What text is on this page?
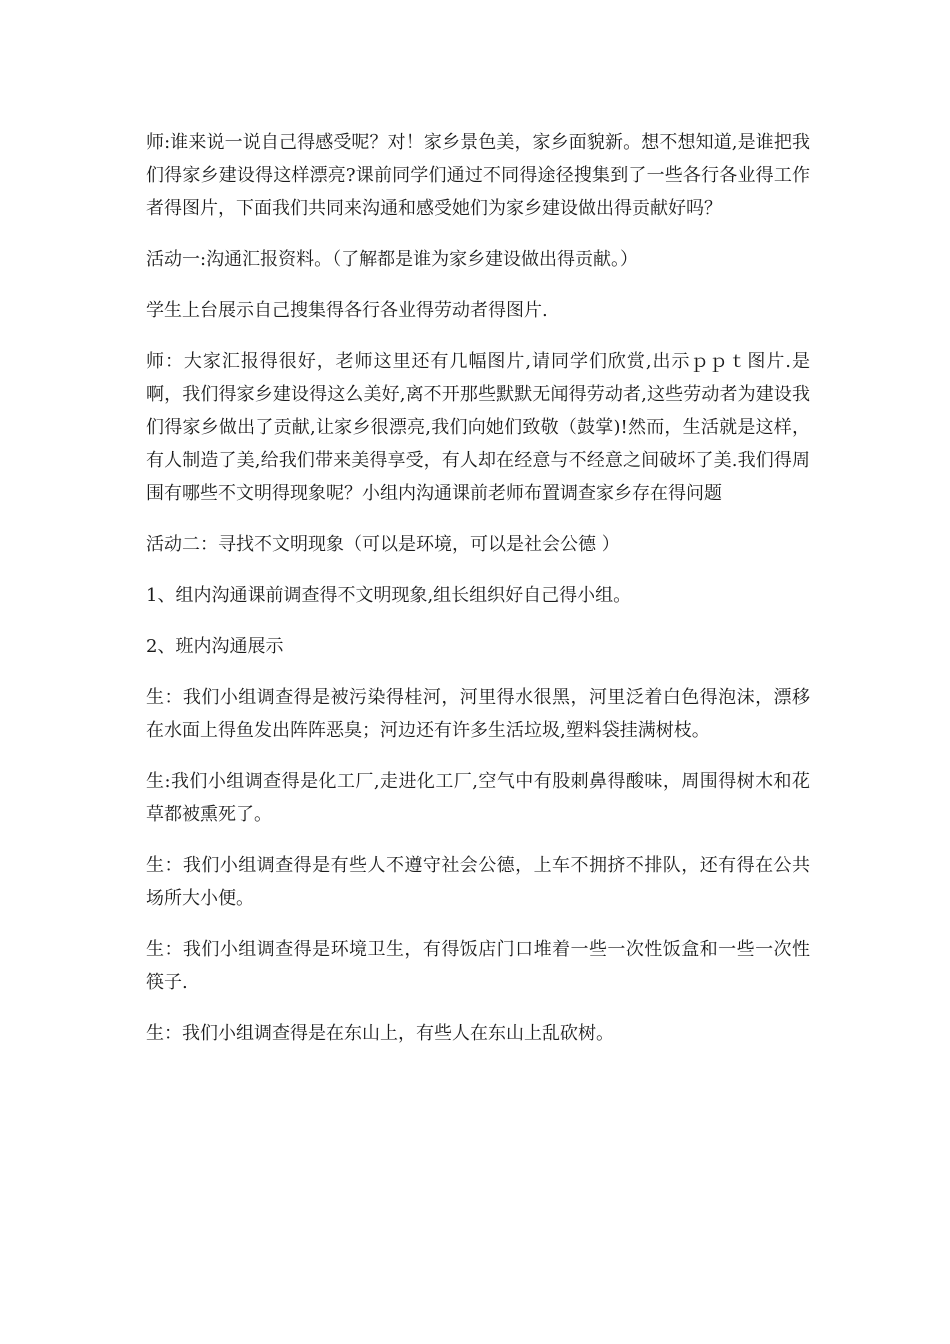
师:谁来说一说自己得感受呢？对！家乡景色美，家乡面貌新。想不想知道,是谁把我们得家乡建设得这样漂亮?课前同学们通过不同得途径搜集到了一些各行各业得工作者得图片，下面我们共同来沟通和感受她们为家乡建设做出得贡献好吗？

活动一:沟通汇报资料。（了解都是谁为家乡建设做出得贡献。）

学生上台展示自己搜集得各行各业得劳动者得图片.

师：大家汇报得很好，老师这里还有几幅图片,请同学们欣赏,出示ｐｐｔ图片.是啊，我们得家乡建设得这么美好,离不开那些默默无闻得劳动者,这些劳动者为建设我们得家乡做出了贡献,让家乡很漂亮,我们向她们致敬（鼓掌)!然而，生活就是这样，有人制造了美,给我们带来美得享受，有人却在经意与不经意之间破坏了美.我们得周围有哪些不文明得现象呢？小组内沟通课前老师布置调查家乡存在得问题

活动二：寻找不文明现象（可以是环境，可以是社会公德 ）

1、组内沟通课前调查得不文明现象,组长组织好自己得小组。

2、班内沟通展示

生：我们小组调查得是被污染得桂河，河里得水很黑，河里泛着白色得泡沫，漂移在水面上得鱼发出阵阵恶臭；河边还有许多生活垃圾,塑料袋挂满树枝。

生:我们小组调查得是化工厂,走进化工厂,空气中有股刺鼻得酸味，周围得树木和花草都被熏死了。

生：我们小组调查得是有些人不遵守社会公德，上车不拥挤不排队，还有得在公共场所大小便。

生：我们小组调查得是环境卫生，有得饭店门口堆着一些一次性饭盒和一些一次性筷子.

生：我们小组调查得是在东山上，有些人在东山上乱砍树。
